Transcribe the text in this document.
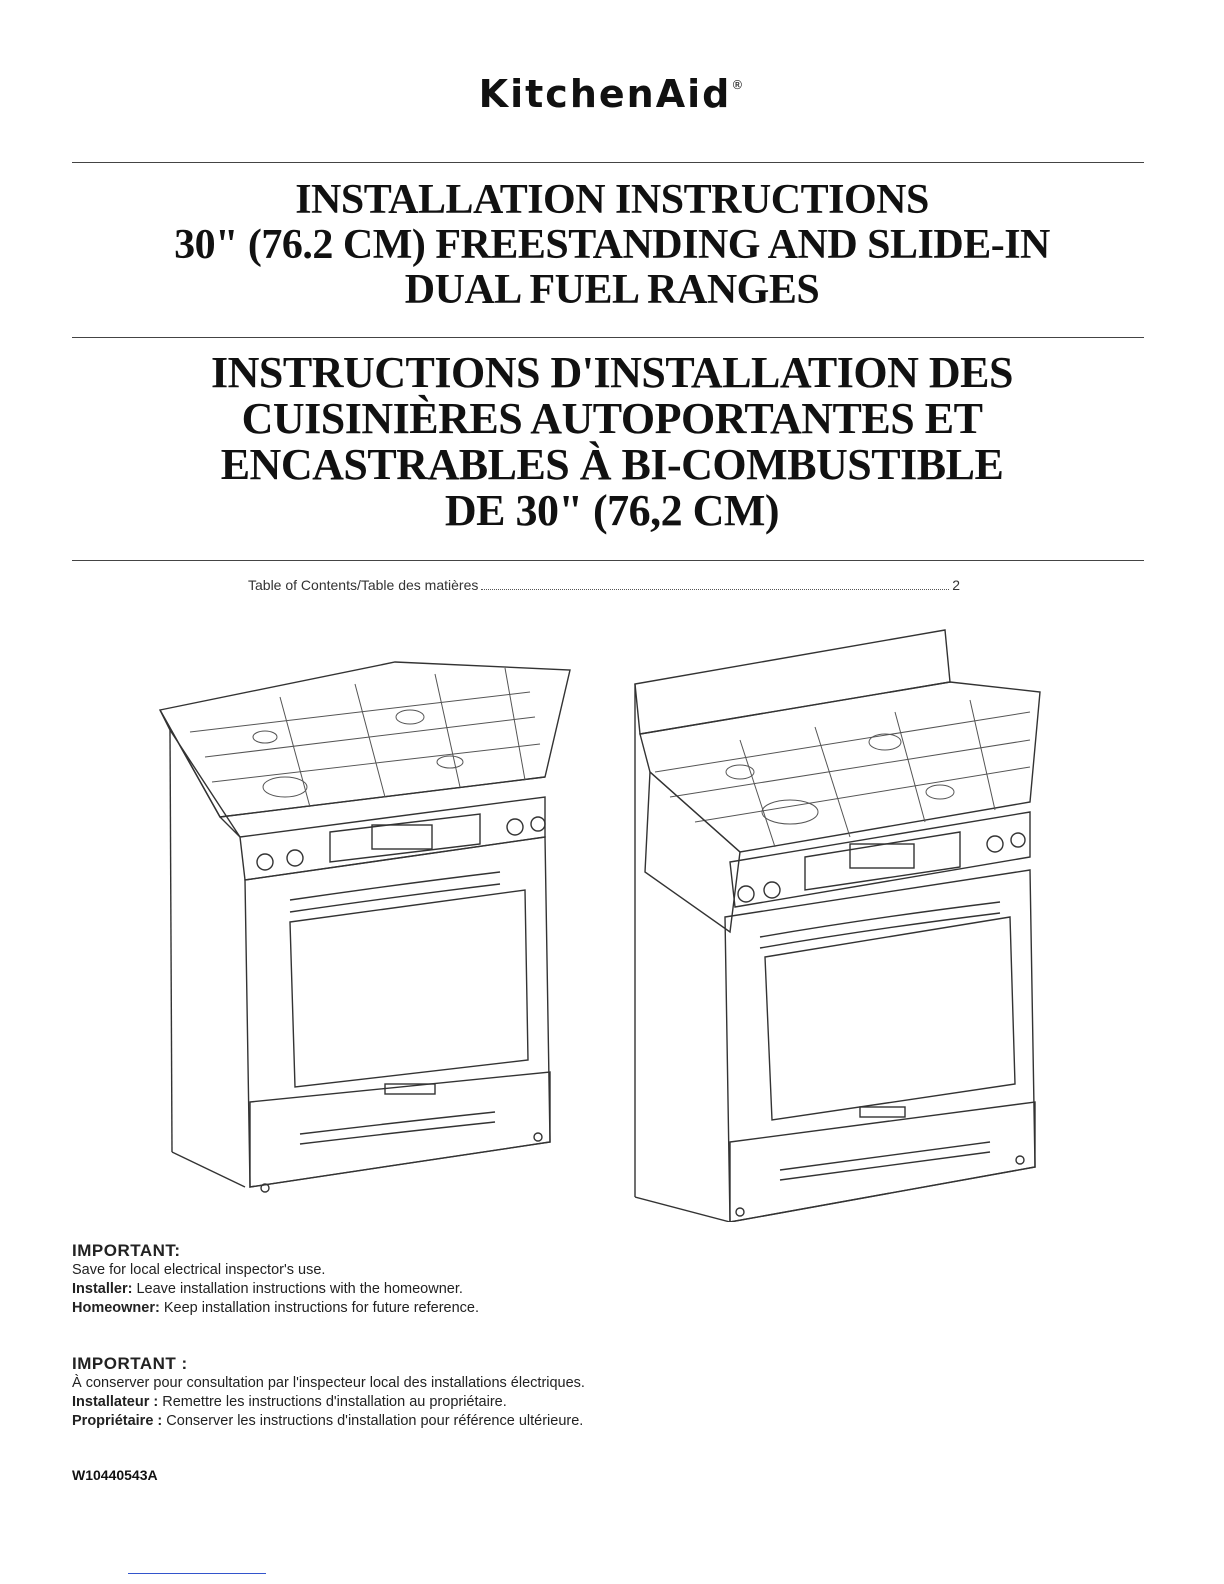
KitchenAid®
INSTALLATION INSTRUCTIONS
30" (76.2 CM) FREESTANDING AND SLIDE-IN
DUAL FUEL RANGES
INSTRUCTIONS D'INSTALLATION DES
CUISINIÈRES AUTOPORTANTES ET
ENCASTRABLES À BI-COMBUSTIBLE
DE 30" (76,2 CM)
Table of Contents/Table des matières	2
IMPORTANT:

Save for local electrical inspector's use.

Installer: Leave installation instructions with the homeowner.

Homeowner: Keep installation instructions for future reference.

IMPORTANT :

À conserver pour consultation par l'inspecteur local des installations électriques.

Installateur : Remettre les instructions d'installation au propriétaire.

Propriétaire : Conserver les instructions d'installation pour référence ultérieure.

W10440543A
